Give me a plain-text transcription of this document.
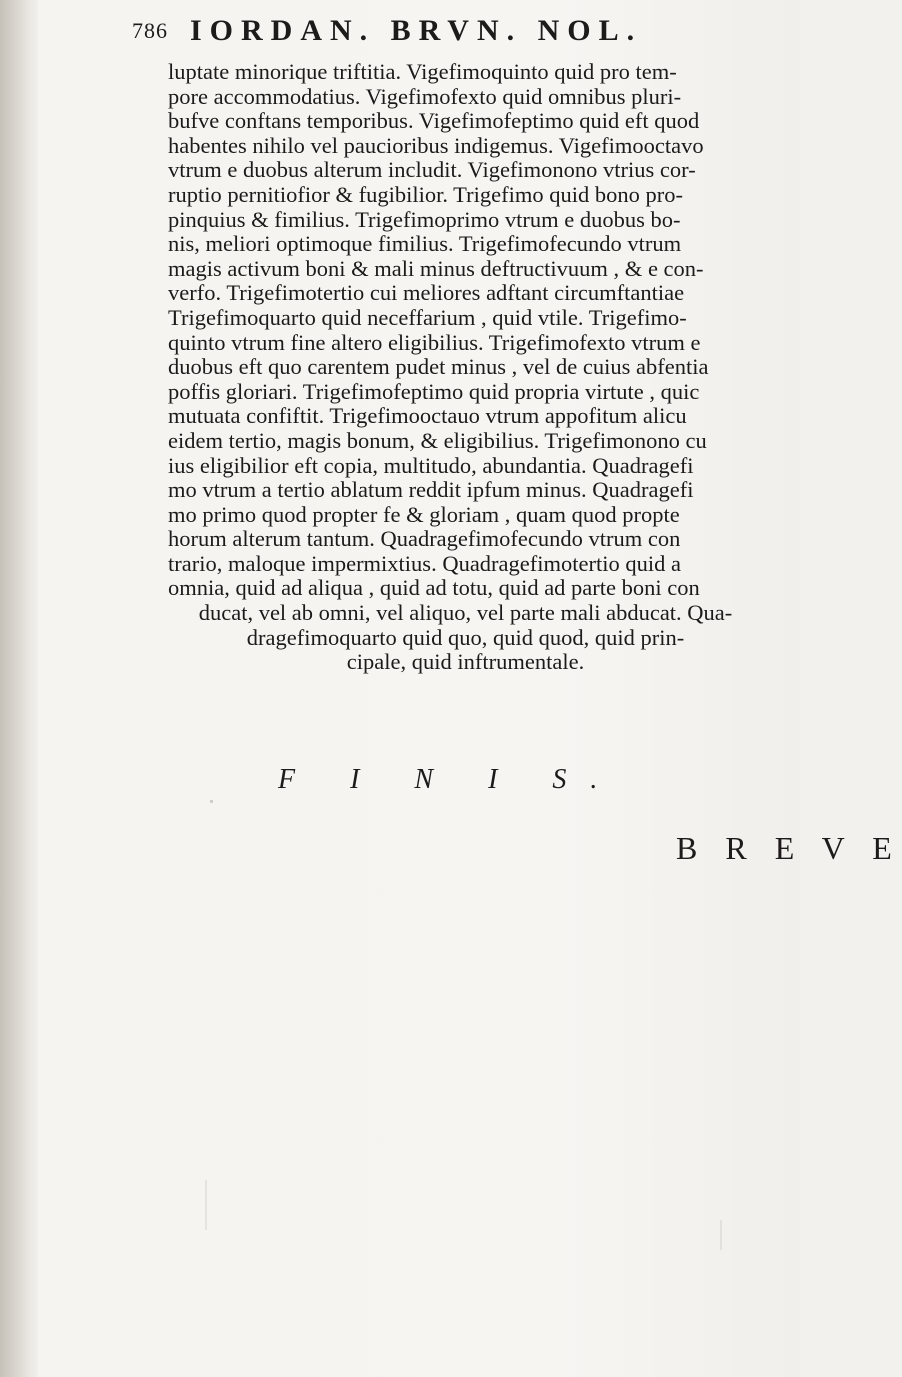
786 IORDAN. BRVN. NOL.
luptate minorique triftitia. Vigefimoquinto quid pro tem-
pore accommodatius. Vigefimofexto quid omnibus pluri-
bufve conftans temporibus. Vigefimofeptimo quid eft quod
habentes nihilo vel paucioribus indigemus. Vigefimooctavo
vtrum e duobus alterum includit. Vigefimonono vtrius cor-
ruptio pernitiofior & fugibilior. Trigefimo quid bono pro-
pinquius & fimilius. Trigefimoprimo vtrum e duobus bo-
nis, meliori optimoque fimilius. Trigefimofecundo vtrum
magis activum boni & mali minus deftructivuum , & e con-
verfo. Trigefimotertio cui meliores adftant circumftantiae
Trigefimoquarto quid neceffarium , quid vtile. Trigefimo-
quinto vtrum fine altero eligibilius. Trigefimofexto vtrum e
duobus eft quo carentem pudet minus , vel de cuius abfentia
poffis gloriari. Trigefimofeptimo quid propria virtute , quic
mutuata confiftit. Trigefimooctauo vtrum appofitum alicu
eidem tertio, magis bonum, & eligibilius. Trigefimonono cu
ius eligibilior eft copia, multitudo, abundantia. Quadragefi
mo vtrum a tertio ablatum reddit ipfum minus. Quadragefi
mo primo quod propter fe & gloriam , quam quod propte
horum alterum tantum. Quadragefimofecundo vtrum con
trario, maloque impermixtius. Quadragefimotertio quid a
omnia, quid ad aliqua , quid ad totu, quid ad parte boni con
ducat, vel ab omni, vel aliquo, vel parte mali abducat. Qua-
dragefimoquarto quid quo, quid quod, quid prin-
cipale, quid inftrumentale.
F I N I S.
B R E V E
